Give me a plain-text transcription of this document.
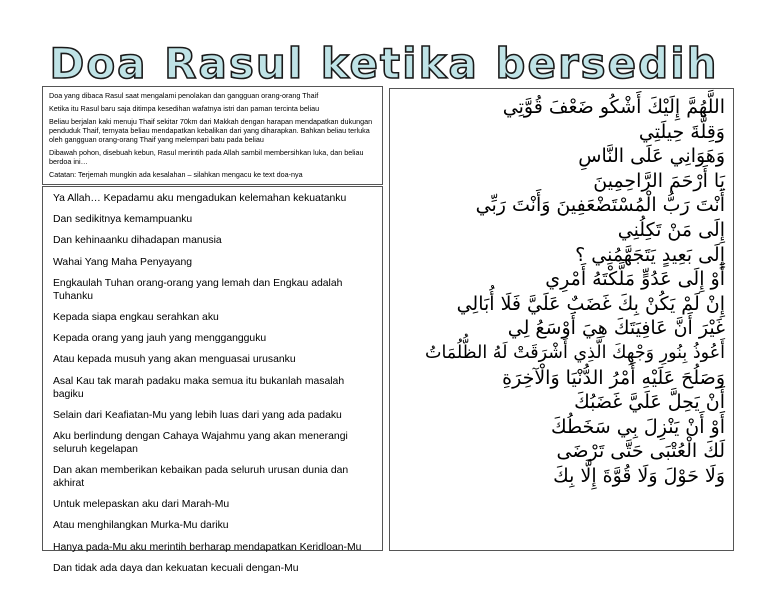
Doa Rasul ketika bersedih

Doa yang dibaca Rasul saat mengalami penolakan dan gangguan orang-orang Thaif

Ketika itu Rasul baru saja ditimpa kesedihan wafatnya istri dan paman tercinta beliau

Beliau berjalan kaki menuju Thaif sekitar 70km dari Makkah dengan harapan mendapatkan dukungan penduduk Thaif, ternyata beliau mendapatkan kebalikan dari yang diharapkan. Bahkan beliau terluka oleh gangguan orang-orang Thaif yang melempari batu pada beliau

Dibawah pohon, disebuah kebun, Rasul merintih pada Allah sambil membersihkan luka, dan beliau berdoa ini…

Catatan: Terjemah mungkin ada kesalahan – silahkan mengacu ke text doa-nya

Ya Allah… Kepadamu aku mengadukan kelemahan kekuatanku
Dan sedikitnya kemampuanku
Dan kehinaanku dihadapan manusia
Wahai Yang Maha Penyayang
Engkaulah Tuhan orang-orang yang lemah dan Engkau adalah Tuhanku
Kepada siapa engkau serahkan aku
Kepada orang yang jauh yang menggangguku
Atau kepada musuh yang akan menguasai urusanku
Asal Kau tak marah padaku maka semua itu bukanlah masalah bagiku
Selain dari Keafiatan-Mu yang lebih luas dari yang ada padaku
Aku berlindung dengan Cahaya Wajahmu yang akan menerangi seluruh kegelapan
Dan akan memberikan kebaikan pada seluruh urusan dunia dan akhirat
Untuk melepaskan aku dari Marah-Mu
Atau menghilangkan Murka-Mu dariku
Hanya pada-Mu aku merintih berharap mendapatkan Keridloan-Mu
Dan tidak ada daya dan kekuatan kecuali dengan-Mu
اللَّهُمَّ إِلَيْكَ أَشْكُو ضَعْفَ قُوَّتِي
وَقِلَّةَ حِيلَتِي
وَهَوَانِي عَلَى النَّاسِ
يَا أَرْحَمَ الرَّاحِمِينَ
أَنْتَ رَبُّ الْمُسْتَضْعَفِينَ وَأَنْتَ رَبِّي
إِلَى مَنْ تَكِلُنِي
إِلَى بَعِيدٍ يَتَجَهَّمُنِي ؟
أَوْ إِلَى عَدُوٍّ مَلَّكْتَهُ أَمْرِي
إِنْ لَمْ يَكُنْ بِكَ غَضَبٌ عَلَيَّ فَلَا أُبَالِي
غَيْرَ أَنَّ عَافِيَتَكَ هِيَ أَوْسَعُ لِي
أَعُوذُ بِنُورِ وَجْهِكَ الَّذِي أَشْرَقَتْ لَهُ الظُّلُمَاتُ
وَصَلُحَ عَلَيْهِ أَمْرُ الدُّنْيَا وَالْآخِرَةِ
أَنْ يَحِلَّ عَلَيَّ غَضَبُكَ
أَوْ أَنْ يَنْزِلَ بِي سَخَطُكَ
لَكَ الْعُتْبَى حَتَّى تَرْضَى
وَلَا حَوْلَ وَلَا قُوَّةَ إِلَّا بِكَ
